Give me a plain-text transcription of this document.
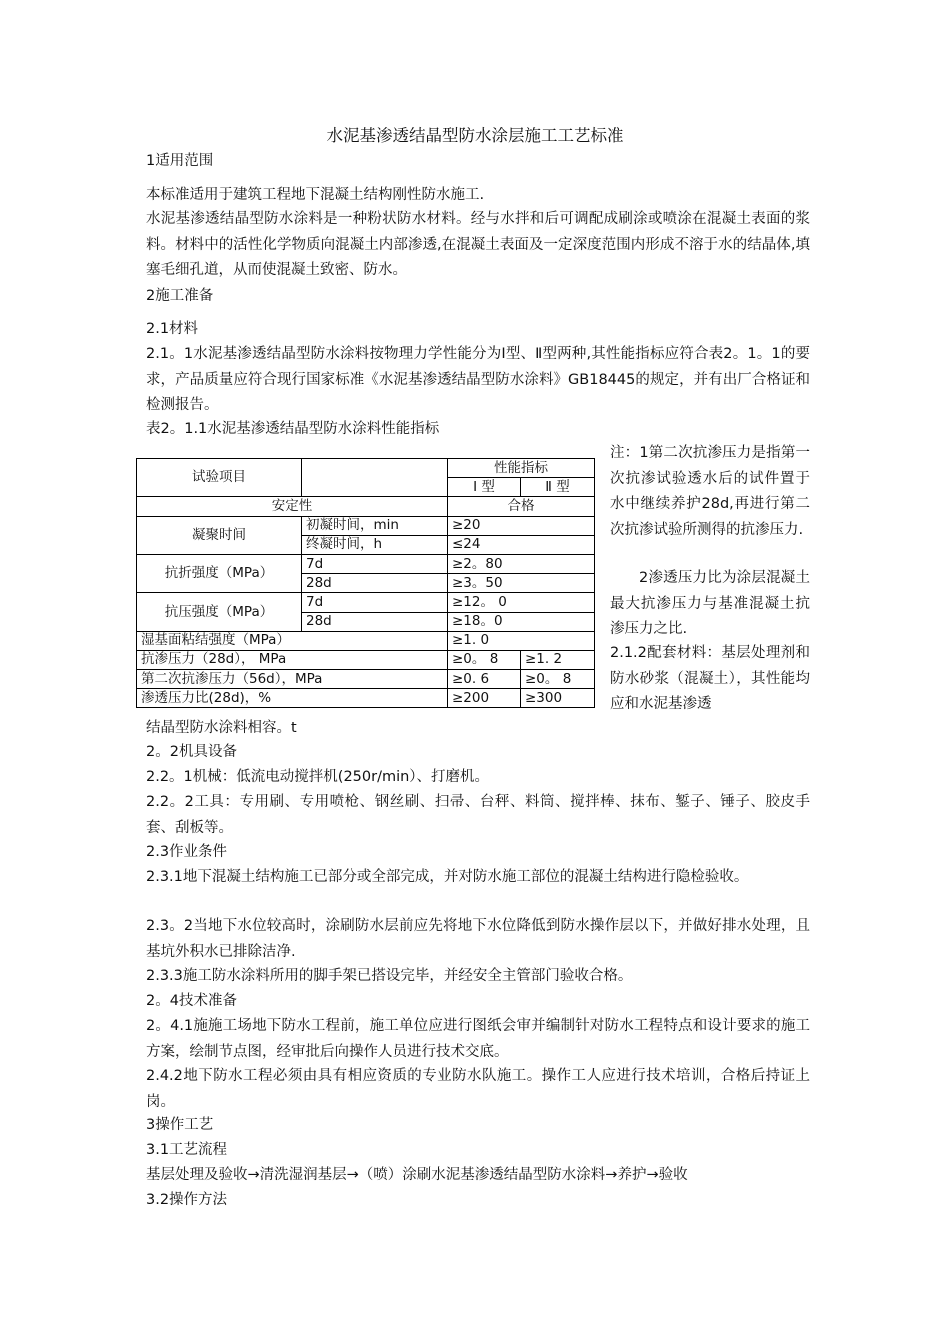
水泥基渗透结晶型防水涂层施工工艺标准

1适用范围

本标准适用于建筑工程地下混凝土结构刚性防水施工.

水泥基渗透结晶型防水涂料是一种粉状防水材料。经与水拌和后可调配成刷涂或喷涂在混凝土表面的浆料。材料中的活性化学物质向混凝土内部渗透,在混凝土表面及一定深度范围内形成不溶于水的结晶体,填塞毛细孔道，从而使混凝土致密、防水。

2施工准备

2.1材料

2.1。1水泥基渗透结晶型防水涂料按物理力学性能分为Ⅰ型、Ⅱ型两种,其性能指标应符合表2。1。1的要求，产品质量应符合现行国家标准《水泥基渗透结晶型防水涂料》GB18445的规定，并有出厂合格证和检测报告。

表2。1.1水泥基渗透结晶型防水涂料性能指标

试验项目		性能指标	
		Ⅰ 型	Ⅱ 型
安定性		合格	
凝聚时间	初凝时间，min	≥20	
	终凝时间，h	≤24	
抗折强度（MPa）	7d	≥2。80	
	28d	≥3。50	
抗压强度（MPa）	7d	≥12。 0	
	28d	≥18。0	
湿基面粘结强度（MPa）		≥1. 0	
抗渗压力（28d）， MPa		≥0。 8	≥1. 2
第二次抗渗压力（56d），MPa		≥0. 6	≥0。 8
渗透压力比(28d)，%		≥200	≥300

注：1第二次抗渗压力是指第一次抗渗试验透水后的试件置于水中继续养护28d,再进行第二次抗渗试验所测得的抗渗压力.

2渗透压力比为涂层混凝土最大抗渗压力与基准混凝土抗渗压力之比.

2.1.2配套材料：基层处理剂和防水砂浆（混凝土），其性能均应和水泥基渗透

结晶型防水涂料相容。t

2。2机具设备

2.2。1机械：低流电动搅拌机(250r/min）、打磨机。

2.2。2工具：专用刷、专用喷枪、钢丝刷、扫帚、台秤、料筒、搅拌棒、抹布、錾子、锤子、胶皮手套、刮板等。

2.3作业条件

2.3.1地下混凝土结构施工已部分或全部完成，并对防水施工部位的混凝土结构进行隐检验收。

2.3。2当地下水位较高时，涂刷防水层前应先将地下水位降低到防水操作层以下，并做好排水处理，且基坑外积水已排除洁净.

2.3.3施工防水涂料所用的脚手架已搭设完毕，并经安全主管部门验收合格。

2。4技术准备

2。4.1施施工场地下防水工程前，施工单位应进行图纸会审并编制针对防水工程特点和设计要求的施工方案，绘制节点图，经审批后向操作人员进行技术交底。

2.4.2地下防水工程必须由具有相应资质的专业防水队施工。操作工人应进行技术培训，合格后持证上岗。

3操作工艺

3.1工艺流程

基层处理及验收→清洗湿润基层→（喷）涂刷水泥基渗透结晶型防水涂料→养护→验收

3.2操作方法
